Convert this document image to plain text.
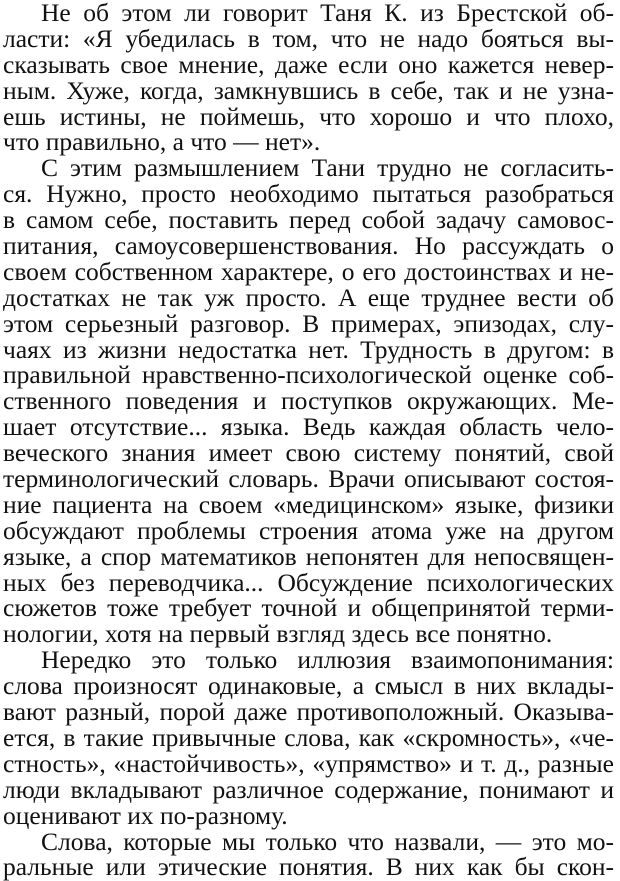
Не об этом ли говорит Таня К. из Брестской об-
ласти: «Я убедилась в том, что не надо бояться вы-
сказывать свое мнение, даже если оно кажется невер-
ным. Хуже, когда, замкнувшись в себе, так и не узна-
ешь истины, не поймешь, что хорошо и что плохо,
что правильно, а что — нет».
С этим размышлением Тани трудно не согласить-
ся. Нужно, просто необходимо пытаться разобраться
в самом себе, поставить перед собой задачу самовос-
питания, самоусовершенствования. Но рассуждать о
своем собственном характере, о его достоинствах и не-
достатках не так уж просто. А еще труднее вести об
этом серьезный разговор. В примерах, эпизодах, слу-
чаях из жизни недостатка нет. Трудность в другом: в
правильной нравственно-психологической оценке соб-
ственного поведения и поступков окружающих. Ме-
шает отсутствие... языка. Ведь каждая область чело-
веческого знания имеет свою систему понятий, свой
терминологический словарь. Врачи описывают состоя-
ние пациента на своем «медицинском» языке, физики
обсуждают проблемы строения атома уже на другом
языке, а спор математиков непонятен для непосвящен-
ных без переводчика... Обсуждение психологических
сюжетов тоже требует точной и общепринятой терми-
нологии, хотя на первый взгляд здесь все понятно.
Нередко это только иллюзия взаимопонимания:
слова произносят одинаковые, а смысл в них вклады-
вают разный, порой даже противоположный. Оказыва-
ется, в такие привычные слова, как «скромность», «че-
стность», «настойчивость», «упрямство» и т. д., разные
люди вкладывают различное содержание, понимают и
оценивают их по-разному.
Слова, которые мы только что назвали, — это мо-
ральные или этические понятия. В них как бы скон-
